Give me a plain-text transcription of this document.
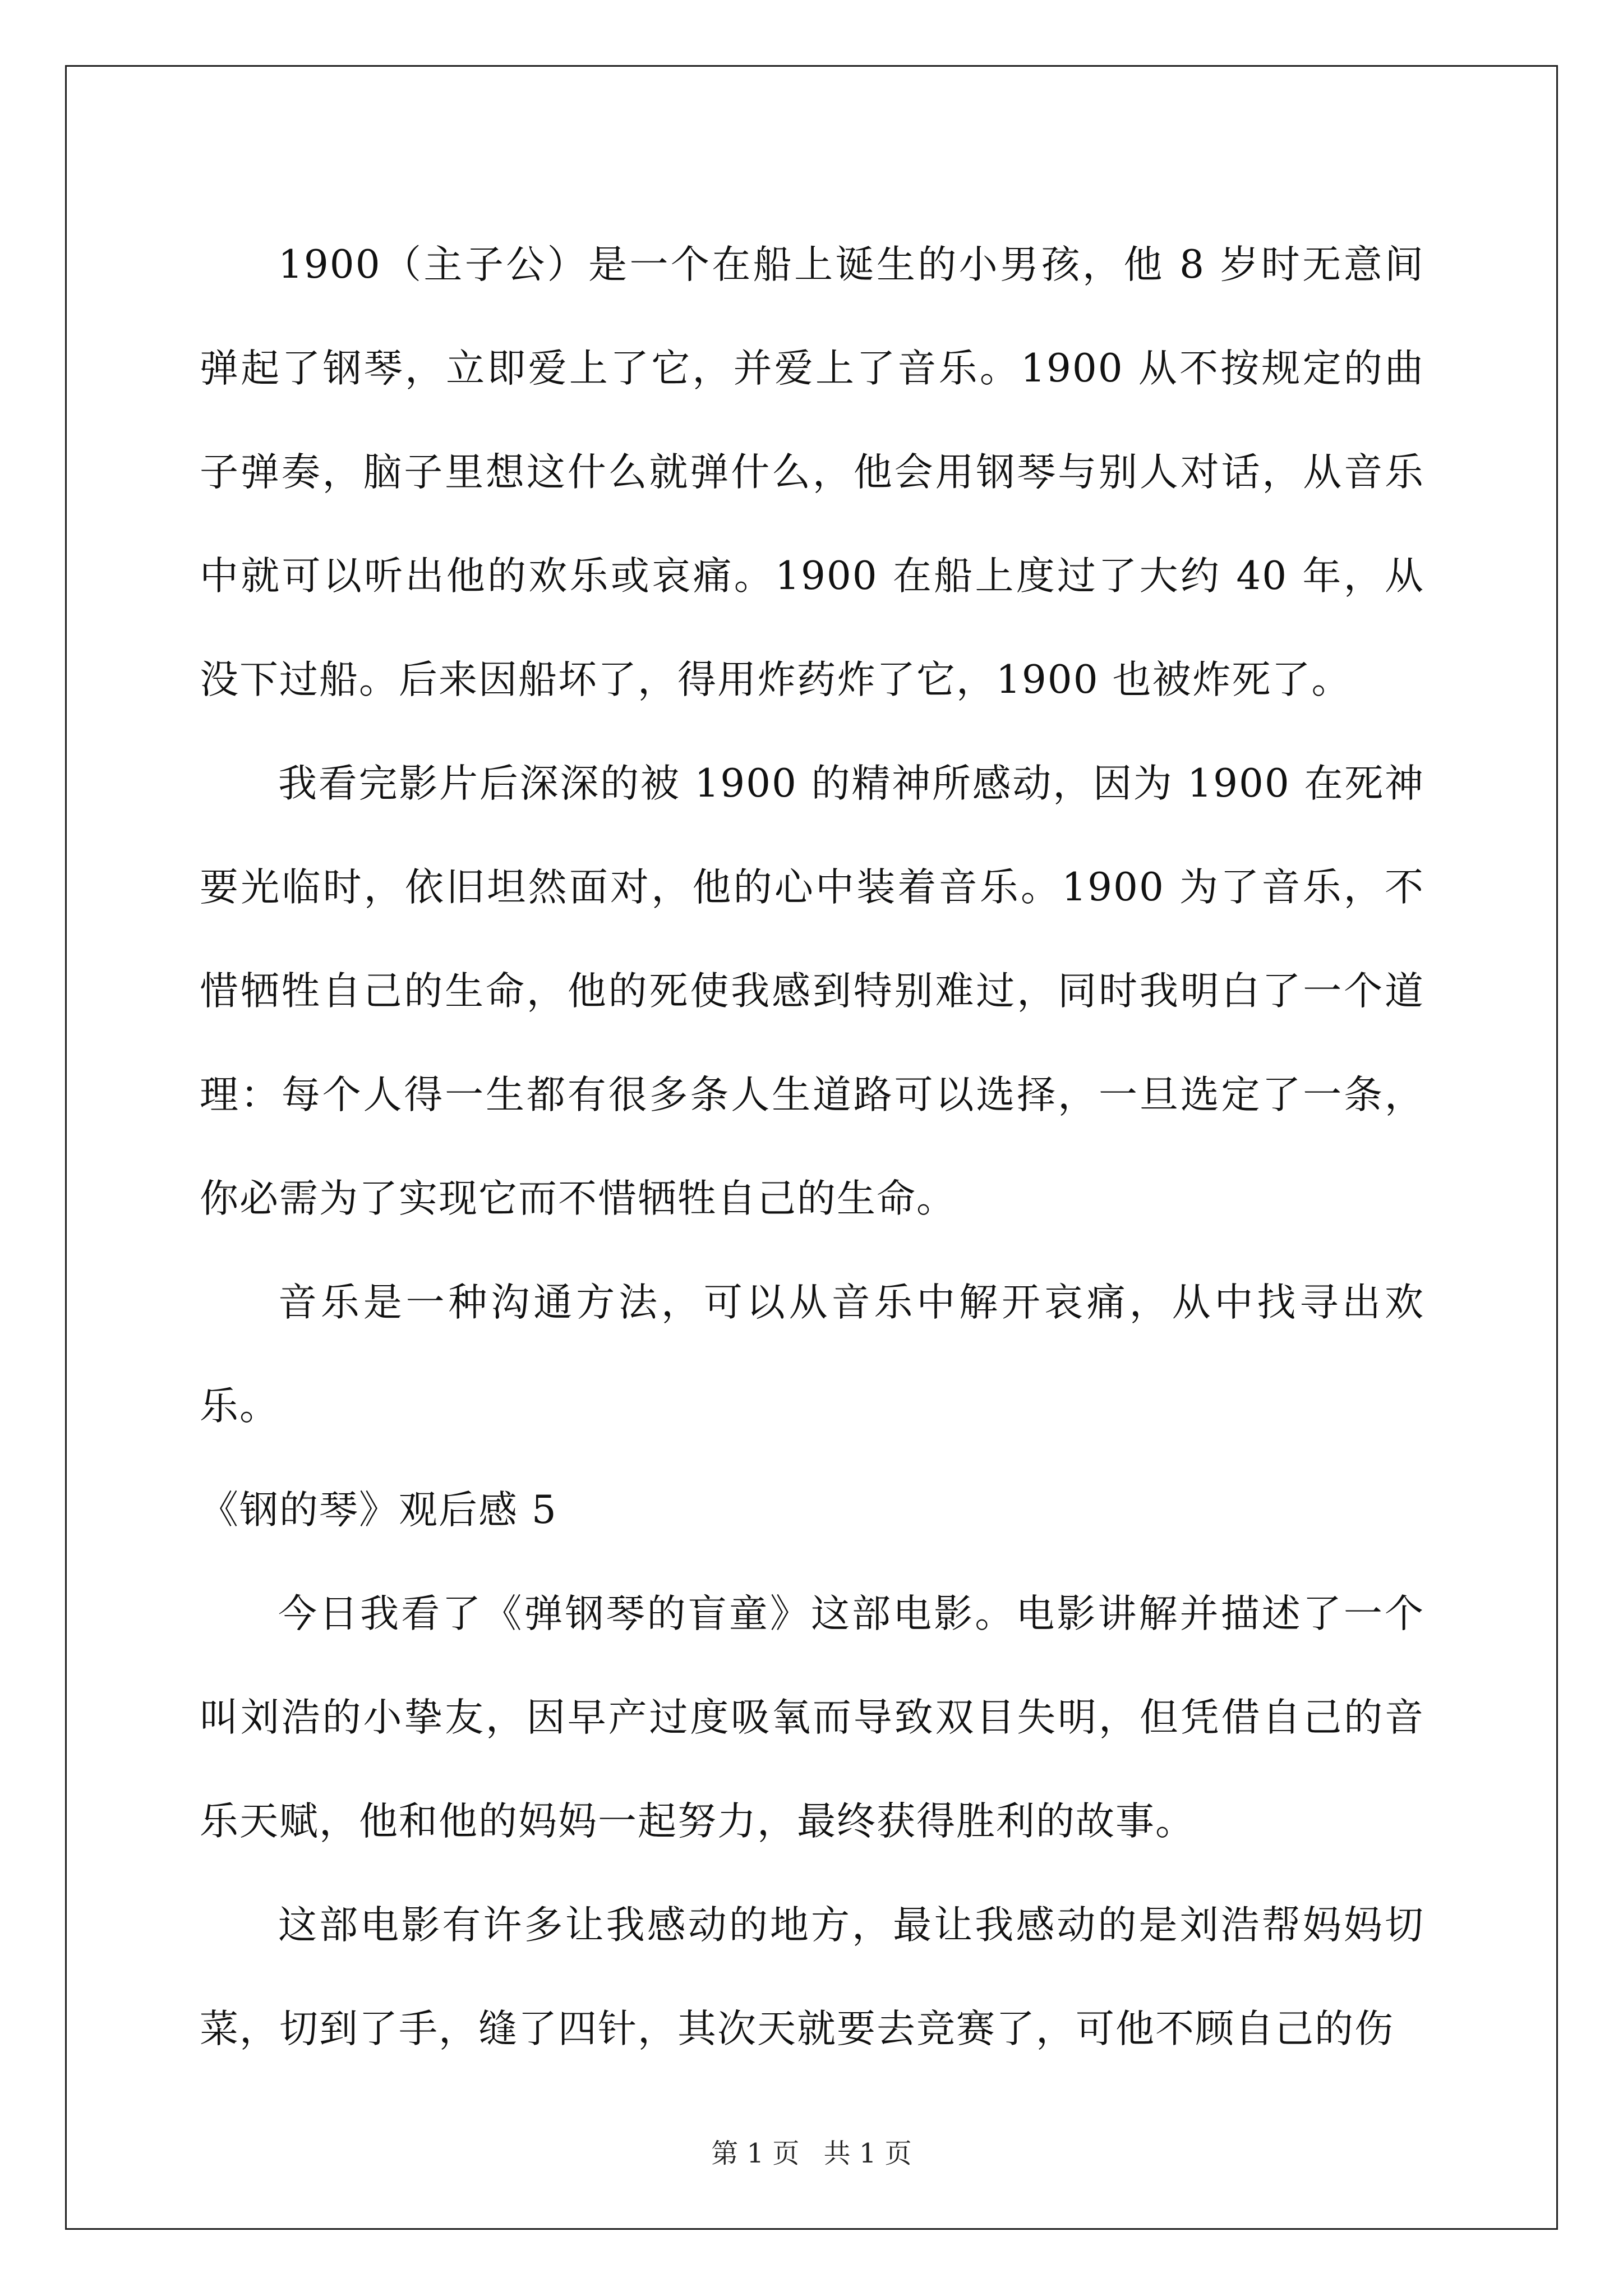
1900（主子公）是一个在船上诞生的小男孩，他 8 岁时无意间弹起了钢琴，立即爱上了它，并爱上了音乐。1900 从不按规定的曲子弹奏，脑子里想这什么就弹什么，他会用钢琴与别人对话，从音乐中就可以听出他的欢乐或哀痛。1900 在船上度过了大约 40 年，从没下过船。后来因船坏了，得用炸药炸了它，1900 也被炸死了。

我看完影片后深深的被 1900 的精神所感动，因为 1900 在死神要光临时，依旧坦然面对，他的心中装着音乐。1900 为了音乐，不惜牺牲自己的生命，他的死使我感到特别难过，同时我明白了一个道理：每个人得一生都有很多条人生道路可以选择，一旦选定了一条，你必需为了实现它而不惜牺牲自己的生命。

音乐是一种沟通方法，可以从音乐中解开哀痛，从中找寻出欢乐。

《钢的琴》观后感 5

今日我看了《弹钢琴的盲童》这部电影。电影讲解并描述了一个叫刘浩的小挚友，因早产过度吸氧而导致双目失明，但凭借自己的音乐天赋，他和他的妈妈一起努力，最终获得胜利的故事。

这部电影有许多让我感动的地方，最让我感动的是刘浩帮妈妈切菜，切到了手，缝了四针，其次天就要去竞赛了，可他不顾自己的伤

第 1 页 共 1 页
